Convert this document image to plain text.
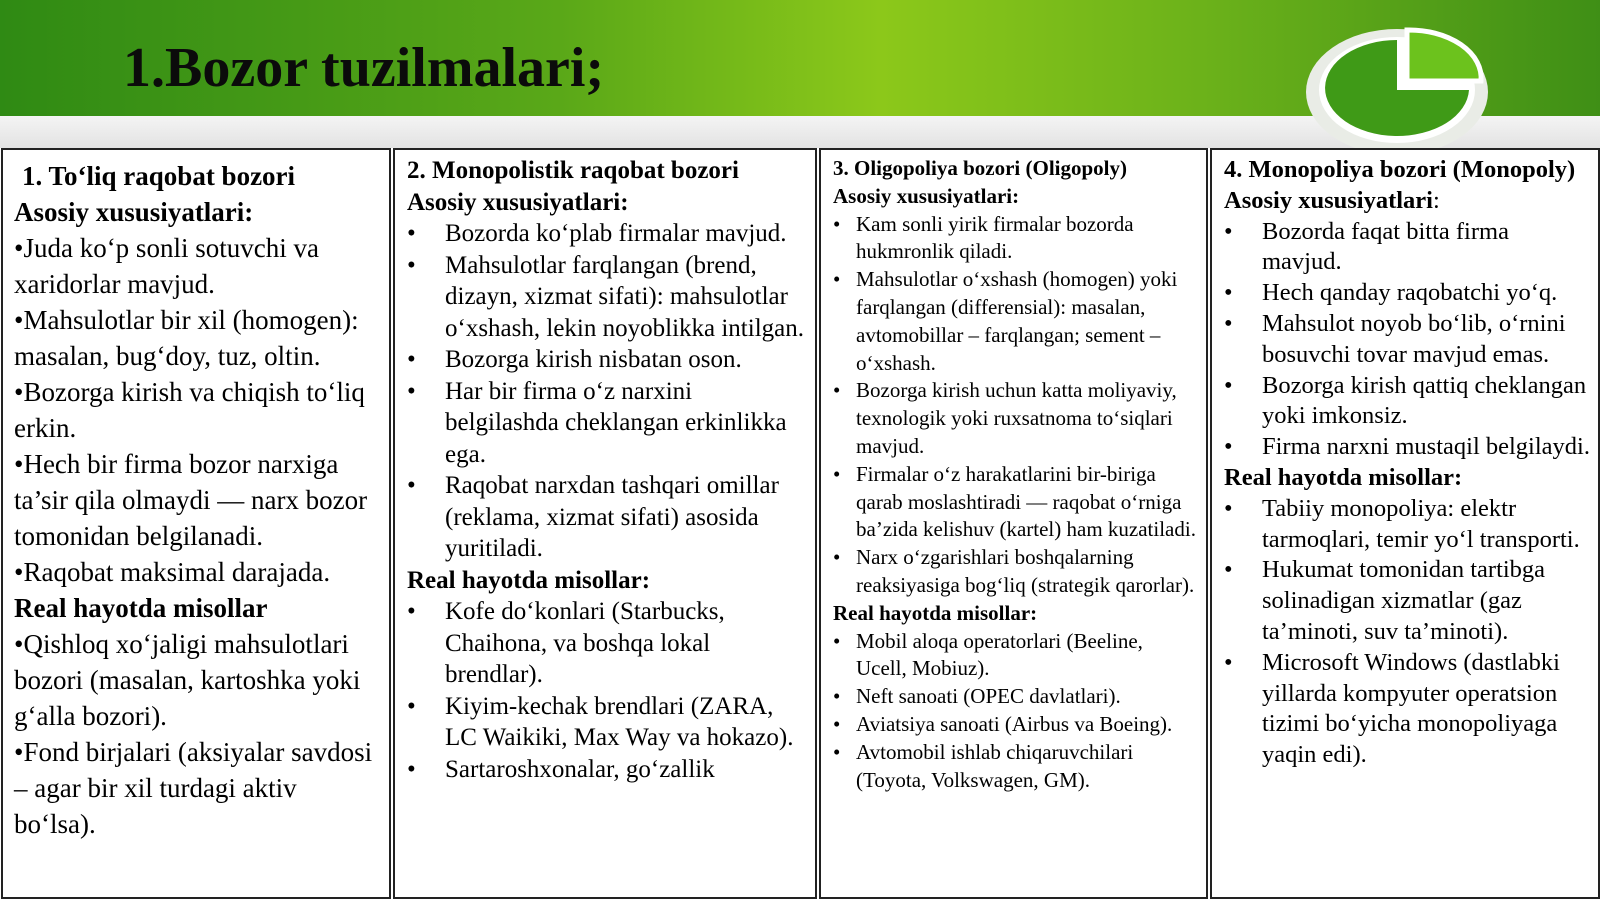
1.Bozor tuzilmalari;
1. To‘liq raqobat bozori
Asosiy xususiyatlari:

•Juda ko‘p sonli sotuvchi va xaridorlar mavjud.

•Mahsulotlar bir xil (homogen): masalan, bug‘doy, tuz, oltin.

•Bozorga kirish va chiqish to‘liq erkin.

•Hech bir firma bozor narxiga ta’sir qila olmaydi — narx bozor tomonidan belgilanadi.

•Raqobat maksimal darajada.

Real hayotda misollar

•Qishloq xo‘jaligi mahsulotlari bozori (masalan, kartoshka yoki g‘alla bozori).

•Fond birjalari (aksiyalar savdosi – agar bir xil turdagi aktiv bo‘lsa).

2. Monopolistik raqobat bozori
Asosiy xususiyatlari:
• Bozorda ko‘plab firmalar mavjud.
• Mahsulotlar farqlangan (brend, dizayn, xizmat sifati): mahsulotlar o‘xshash, lekin noyoblikka intilgan.
• Bozorga kirish nisbatan oson.
• Har bir firma o‘z narxini belgilashda cheklangan erkinlikka ega.
• Raqobat narxdan tashqari omillar (reklama, xizmat sifati) asosida yuritiladi.
Real hayotda misollar:
• Kofe do‘konlari (Starbucks, Chaihona, va boshqa lokal brendlar).
• Kiyim-kechak brendlari (ZARA, LC Waikiki, Max Way va hokazo).
• Sartaroshxonalar, go‘zallik
3. Oligopoliya bozori (Oligopoly)
Asosiy xususiyatlari:
• Kam sonli yirik firmalar bozorda hukmronlik qiladi.
• Mahsulotlar o‘xshash (homogen) yoki farqlangan (differensial): masalan, avtomobillar – farqlangan; sement – o‘xshash.
• Bozorga kirish uchun katta moliyaviy, texnologik yoki ruxsatnoma to‘siqlari mavjud.
• Firmalar o‘z harakatlarini bir-biriga qarab moslashtiradi — raqobat o‘rniga ba’zida kelishuv (kartel) ham kuzatiladi.
• Narx o‘zgarishlari boshqalarning reaksiyasiga bog‘liq (strategik qarorlar).
Real hayotda misollar:
• Mobil aloqa operatorlari (Beeline, Ucell, Mobiuz).
• Neft sanoati (OPEC davlatlari).
• Aviatsiya sanoati (Airbus va Boeing).
• Avtomobil ishlab chiqaruvchilari (Toyota, Volkswagen, GM).
4. Monopoliya bozori (Monopoly)
Asosiy xususiyatlari:
• Bozorda faqat bitta firma mavjud.
• Hech qanday raqobatchi yo‘q.
• Mahsulot noyob bo‘lib, o‘rnini bosuvchi tovar mavjud emas.
• Bozorga kirish qattiq cheklangan yoki imkonsiz.
• Firma narxni mustaqil belgilaydi.
Real hayotda misollar:
• Tabiiy monopoliya: elektr tarmoqlari, temir yo‘l transporti.
• Hukumat tomonidan tartibga solinadigan xizmatlar (gaz ta’minoti, suv ta’minoti).
• Microsoft Windows (dastlabki yillarda kompyuter operatsion tizimi bo‘yicha monopoliyaga yaqin edi).
